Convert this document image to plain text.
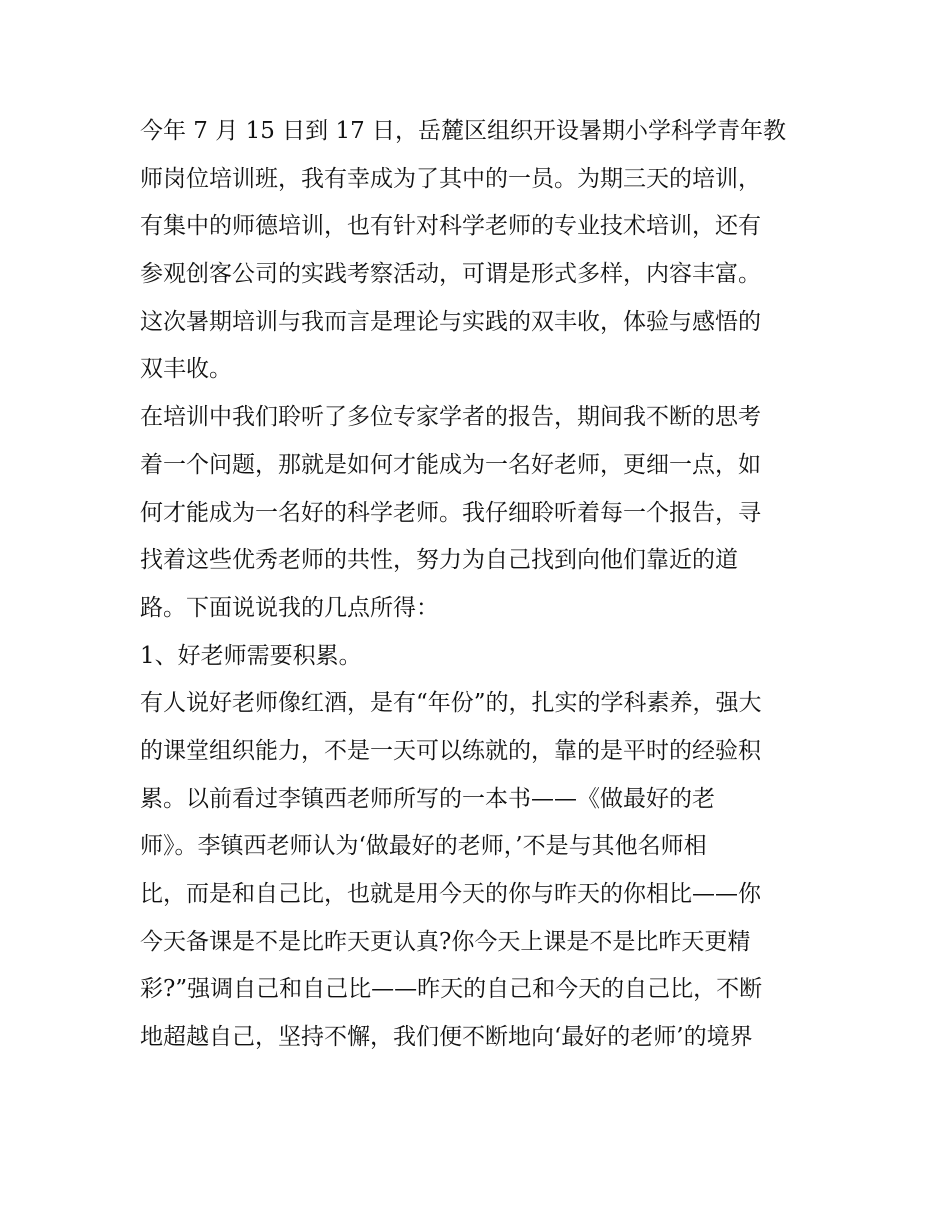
今年 7 月 15 日到 17 日，岳麓区组织开设暑期小学科学青年教
师岗位培训班，我有幸成为了其中的一员。为期三天的培训，
有集中的师德培训，也有针对科学老师的专业技术培训，还有
参观创客公司的实践考察活动，可谓是形式多样，内容丰富。
这次暑期培训与我而言是理论与实践的双丰收，体验与感悟的
双丰收。
在培训中我们聆听了多位专家学者的报告，期间我不断的思考
着一个问题，那就是如何才能成为一名好老师，更细一点，如
何才能成为一名好的科学老师。我仔细聆听着每一个报告，寻
找着这些优秀老师的共性，努力为自己找到向他们靠近的道
路。下面说说我的几点所得：
1、好老师需要积累。
有人说好老师像红酒，是有“年份”的，扎实的学科素养，强大
的课堂组织能力，不是一天可以练就的，靠的是平时的经验积
累。以前看过李镇西老师所写的一本书——《做最好的老
师》。李镇西老师认为‘做最好的老师，’不是与其他名师相
比，而是和自己比，也就是用今天的你与昨天的你相比——你
今天备课是不是比昨天更认真?你今天上课是不是比昨天更精
彩?”强调自己和自己比——昨天的自己和今天的自己比，不断
地超越自己，坚持不懈，我们便不断地向‘最好的老师’的境界
